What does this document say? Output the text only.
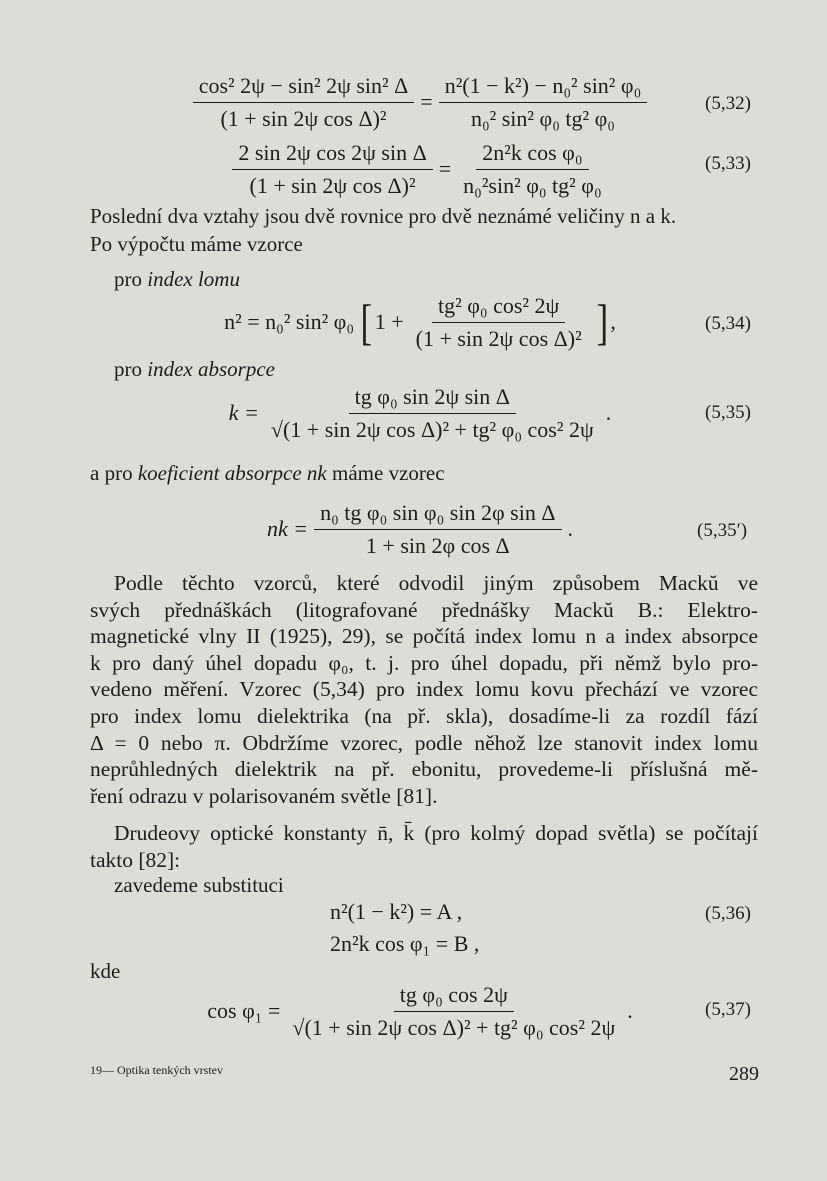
$\frac{\text{cos² 2ψ − sin² 2ψ sin² Δ}}{\text{(1 + sin 2ψ cos Δ)²}} = \frac{\text{n²(1 − k²) − n₀² sin² φ₀}}{\text{n₀² sin² φ₀ tg² φ₀}}$	(5,32)
$\frac{\text{2 sin 2ψ cos 2ψ sin Δ}}{\text{(1 + sin 2ψ cos Δ)²}} = \frac{\text{2n²k cos φ₀}}{\text{n₀²sin² φ₀ tg² φ₀}}$	(5,33)
Poslední dva vztahy jsou dvě rovnice pro dvě neznámé veličiny n a k.
Po výpočtu máme vzorce
pro index lomu
n² = n₀² sin² φ₀ [ $1 + \frac{\text{tg² φ₀ cos² 2ψ}}{\text{(1 + sin 2ψ cos Δ)²}}$ ] ,	(5,34)
pro index absorpce
$k = \frac{\text{tg φ₀ sin 2ψ sin Δ}}{\text{√(1 + sin 2ψ cos Δ)² + tg² φ₀ cos² 2ψ}}$ .	(5,35)
a pro koeficient absorpce nk máme vzorec
nk = $\frac{\text{n₀ tg φ₀ sin φ₀ sin 2φ sin Δ}}{\text{1 + sin 2φ cos Δ}}$ .	(5,35′)
Podle těchto vzorců, které odvodil jiným způsobem Mackŭ ve
svých přednáškách (litografované přednášky Mackŭ B.: Elektro-
magnetické vlny II (1925), 29), se počítá index lomu n a index absorpce
k pro daný úhel dopadu φ₀, t. j. pro úhel dopadu, při němž bylo pro-
vedeno měření. Vzorec (5,34) pro index lomu kovu přechází ve vzorec
pro index lomu dielektrika (na př. skla), dosadíme-li za rozdíl fází
Δ = 0 nebo π. Obdržíme vzorec, podle něhož lze stanovit index lomu
neprůhledných dielektrik na př. ebonitu, provedeme-li příslušná mě-
ření odrazu v polarisovaném světle [81].
Drudeovy optické konstanty n̄, k̄ (pro kolmý dopad světla) se počítají
takto [82]:
zavedeme substituci
n²(1 − k²) = A ,
2n²k cos φ₁ = B ,
(5,36)
kde
$\cos \varphi_1 = \frac{\text{tg φ₀ cos 2ψ}}{\text{√(1 + sin 2ψ cos Δ)² + tg² φ₀ cos² 2ψ}}$ .	(5,37)
19— Optika tenkých vrstev	289
